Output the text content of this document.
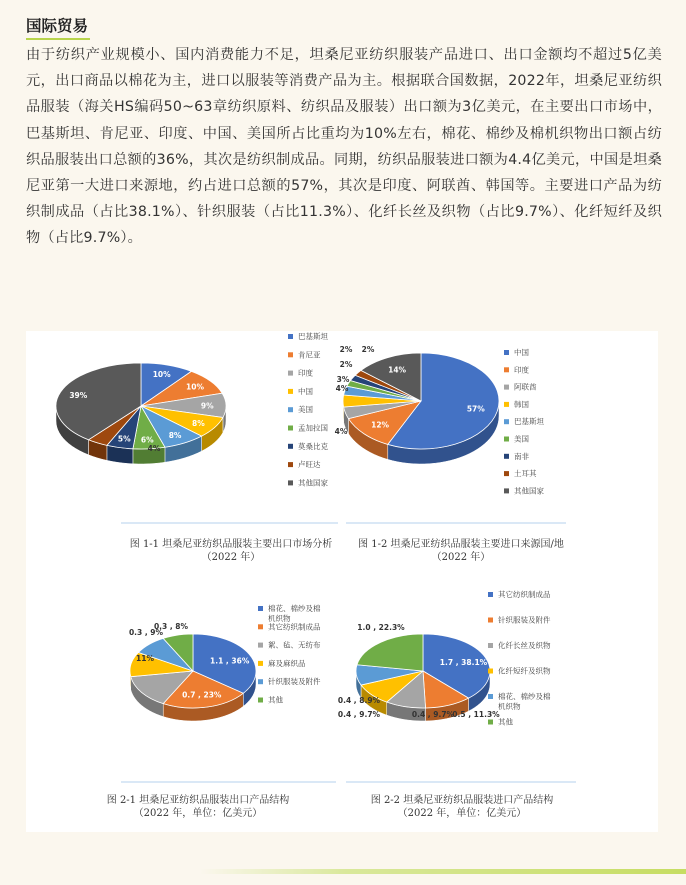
国际贸易
由于纺织产业规模小、国内消费能力不足，坦桑尼亚纺织服装产品进口、出口金额均不超过5亿美元，出口商品以棉花为主，进口以服装等消费产品为主。根据联合国数据，2022年，坦桑尼亚纺织品服装（海关HS编码50~63章纺织原料、纺织品及服装）出口额为3亿美元，在主要出口市场中，巴基斯坦、肯尼亚、印度、中国、美国所占比重均为10%左右，棉花、棉纱及棉机织物出口额占纺织品服装出口总额的36%，其次是纺织制成品。同期，纺织品服装进口额为4.4亿美元，中国是坦桑尼亚第一大进口来源地，约占进口总额的57%，其次是印度、阿联酋、韩国等。主要进口产品为纺织制成品（占比38.1%）、针织服装（占比11.3%）、化纤长丝及织物（占比9.7%）、化纤短纤及织物（占比9.7%）。
10%
10%
9%
8%
8%
6%
5%
4%
39%
巴基斯坦
肯尼亚
印度
中国
美国
孟加拉国
莫桑比克
卢旺达
其他国家
图 1-1 坦桑尼亚纺织品服装主要出口市场分析
（2022 年）
57%
12%
4%
4%
3%
2%
2% 2%
14%
中国
印度
阿联酋
韩国
巴基斯坦
美国
南非
土耳其
其他国家
图 1-2 坦桑尼亚纺织品服装主要进口来源国/地
（2022 年）
1.1 , 36%
0.7 , 23%
11%
0.3 , 9%
0.3 , 8%
棉花、棉纱及棉机织物
其它纺织制成品
絮、毡、无纺布
麻及麻织品
针织服装及附件
其他
图 2-1 坦桑尼亚纺织品服装出口产品结构
（2022 年，单位：亿美元）
1.7 , 38.1%
0.5 , 11.3%
0.4 , 9.7%
0.4 , 9.7%
0.4 , 8.9%
1.0 , 22.3%
其它纺织制成品
针织服装及附件
化纤长丝及织物
化纤短纤及织物
棉花、棉纱及棉机织物
其他
图 2-2 坦桑尼亚纺织品服装进口产品结构
（2022 年，单位：亿美元）
